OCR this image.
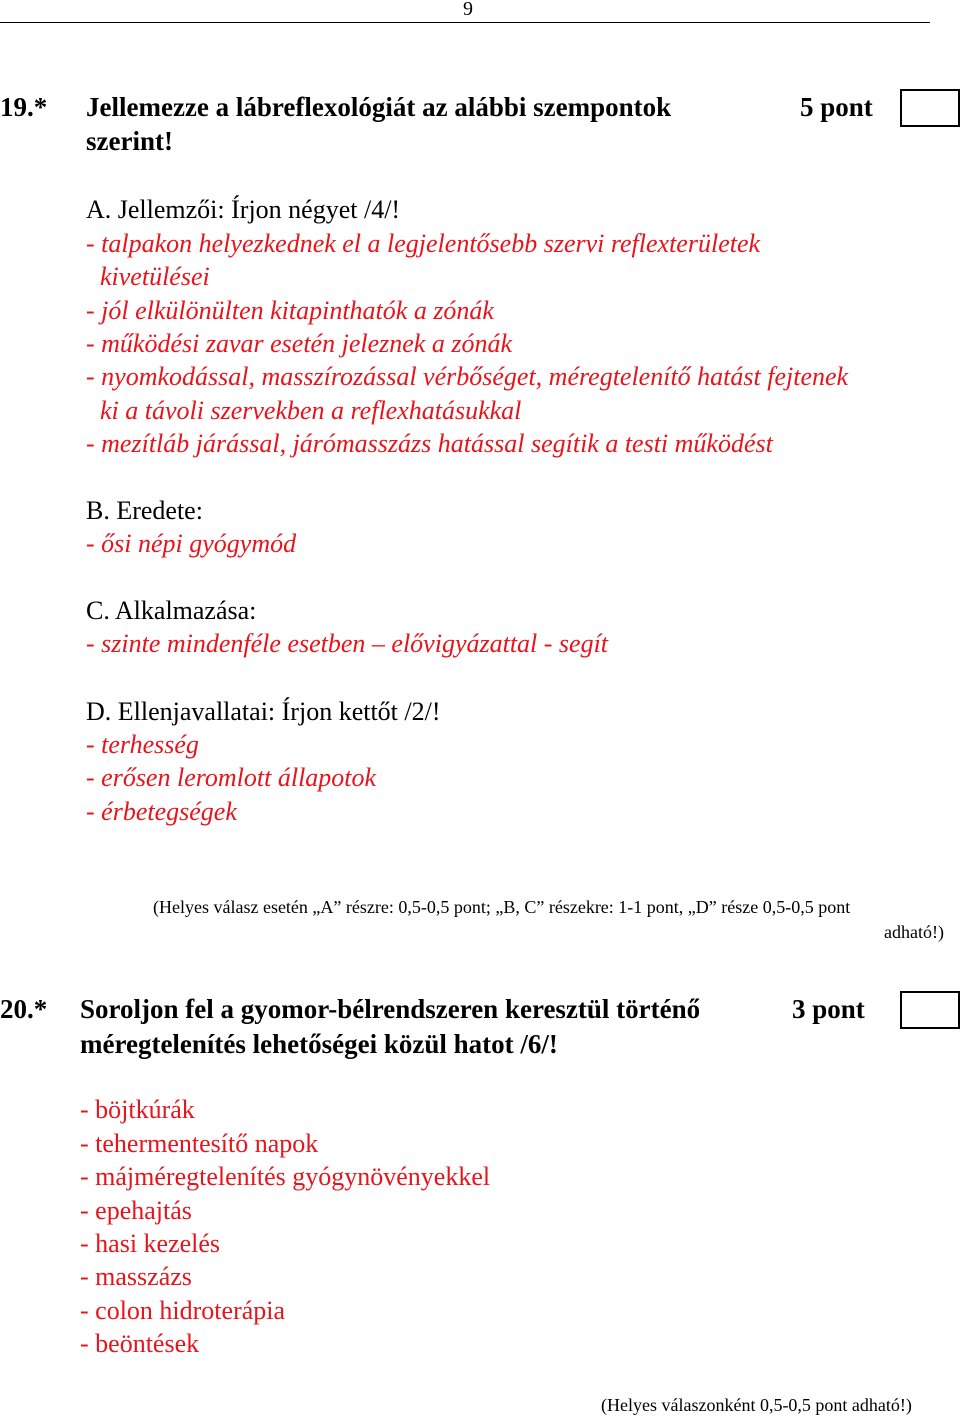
9
19.* Jellemezze a lábreflexológiát az alábbi szempontok
szerint!
5 pont
A. Jellemzői: Írjon négyet /4/!
- talpakon helyezkednek el a legjelentősebb szervi reflexterületek
kivetülései
- jól elkülönülten kitapinthatók a zónák
- működési zavar esetén jeleznek a zónák
- nyomkodással, masszírozással vérbőséget, méregtelenítő hatást fejtenek
ki a távoli szervekben a reflexhatásukkal
- mezítláb járással, járómasszázs hatással segítik a testi működést
B. Eredete:
- ősi népi gyógymód
C. Alkalmazása:
- szinte mindenféle esetben – elővigyázattal - segít
D. Ellenjavallatai: Írjon kettőt /2/!
- terhesség
- erősen leromlott állapotok
- érbetegségek
(Helyes válasz esetén „A” részre: 0,5-0,5 pont; „B, C” részekre: 1-1 pont, „D” része 0,5-0,5 pont
adható!)
20.* Soroljon fel a gyomor-bélrendszeren keresztül történő
méregtelenítés lehetőségei közül hatot /6/!
3 pont
- böjtkúrák
- tehermentesítő napok
- májméregtelenítés gyógynövényekkel
- epehajtás
- hasi kezelés
- masszázs
- colon hidroterápia
- beöntések
(Helyes válaszonként 0,5-0,5 pont adható!)
